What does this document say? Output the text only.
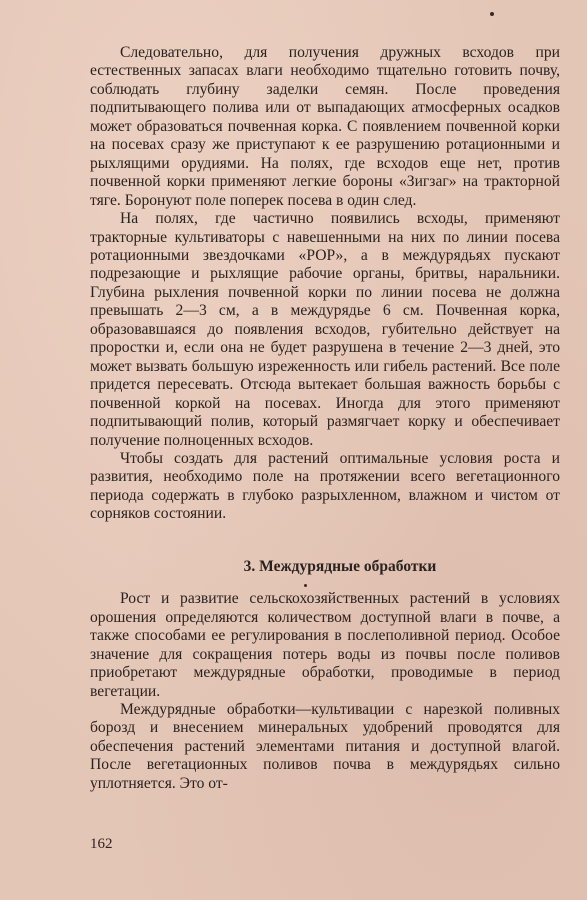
Следовательно, для получения дружных всходов при естественных запасах влаги необходимо тщательно готовить почву, соблюдать глубину заделки семян. После проведения подпитывающего полива или от выпадающих атмосферных осадков может образоваться почвенная корка. С появлением почвенной корки на посевах сразу же приступают к ее разрушению ротационными и рыхлящими орудиями. На полях, где всходов еще нет, против почвенной корки применяют легкие бороны «Зигзаг» на тракторной тяге. Боронуют поле поперек посева в один след.

На полях, где частично появились всходы, применяют тракторные культиваторы с навешенными на них по линии посева ротационными звездочками «РОР», а в междурядьях пускают подрезающие и рыхлящие рабочие органы, бритвы, наральники. Глубина рыхления почвенной корки по линии посева не должна превышать 2—3 см, а в междурядье 6 см. Почвенная корка, образовавшаяся до появления всходов, губительно действует на проростки и, если она не будет разрушена в течение 2—3 дней, это может вызвать большую изреженность или гибель растений. Все поле придется пересевать. Отсюда вытекает большая важность борьбы с почвенной коркой на посевах. Иногда для этого применяют подпитывающий полив, который размягчает корку и обеспечивает получение полноценных всходов.

Чтобы создать для растений оптимальные условия роста и развития, необходимо поле на протяжении всего вегетационного периода содержать в глубоко разрыхленном, влажном и чистом от сорняков состоянии.

3. Междурядные обработки

Рост и развитие сельскохозяйственных растений в условиях орошения определяются количеством доступной влаги в почве, а также способами ее регулирования в послеполивной период. Особое значение для сокращения потерь воды из почвы после поливов приобретают междурядные обработки, проводимые в период вегетации.

Междурядные обработки—культивации с нарезкой поливных борозд и внесением минеральных удобрений проводятся для обеспечения растений элементами питания и доступной влагой. После вегетационных поливов почва в междурядьях сильно уплотняется. Это от-

162
